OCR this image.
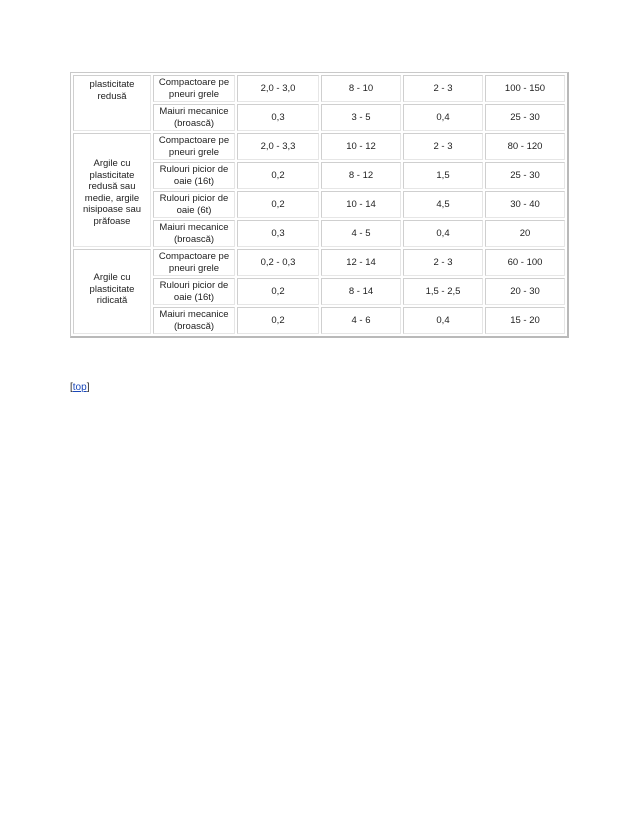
plasticitate redusă	Compactoare pe pneuri grele	2,0 - 3,0	8 - 10	2 - 3	100 - 150
	Maiuri mecanice (broască)	0,3	3 - 5	0,4	25 - 30
Argile cu plasticitate redusă sau medie, argile nisipoase sau prăfoase	Compactoare pe pneuri grele	2,0 - 3,3	10 - 12	2 - 3	80 - 120
	Rulouri picior de oaie (16t)	0,2	8 - 12	1,5	25 - 30
	Rulouri picior de oaie (6t)	0,2	10 - 14	4,5	30 - 40
	Maiuri mecanice (broască)	0,3	4 - 5	0,4	20
Argile cu plasticitate ridicată	Compactoare pe pneuri grele	0,2 - 0,3	12 - 14	2 - 3	60 - 100
	Rulouri picior de oaie (16t)	0,2	8 - 14	1,5 - 2,5	20 - 30
	Maiuri mecanice (broască)	0,2	4 - 6	0,4	15 - 20
[top]
